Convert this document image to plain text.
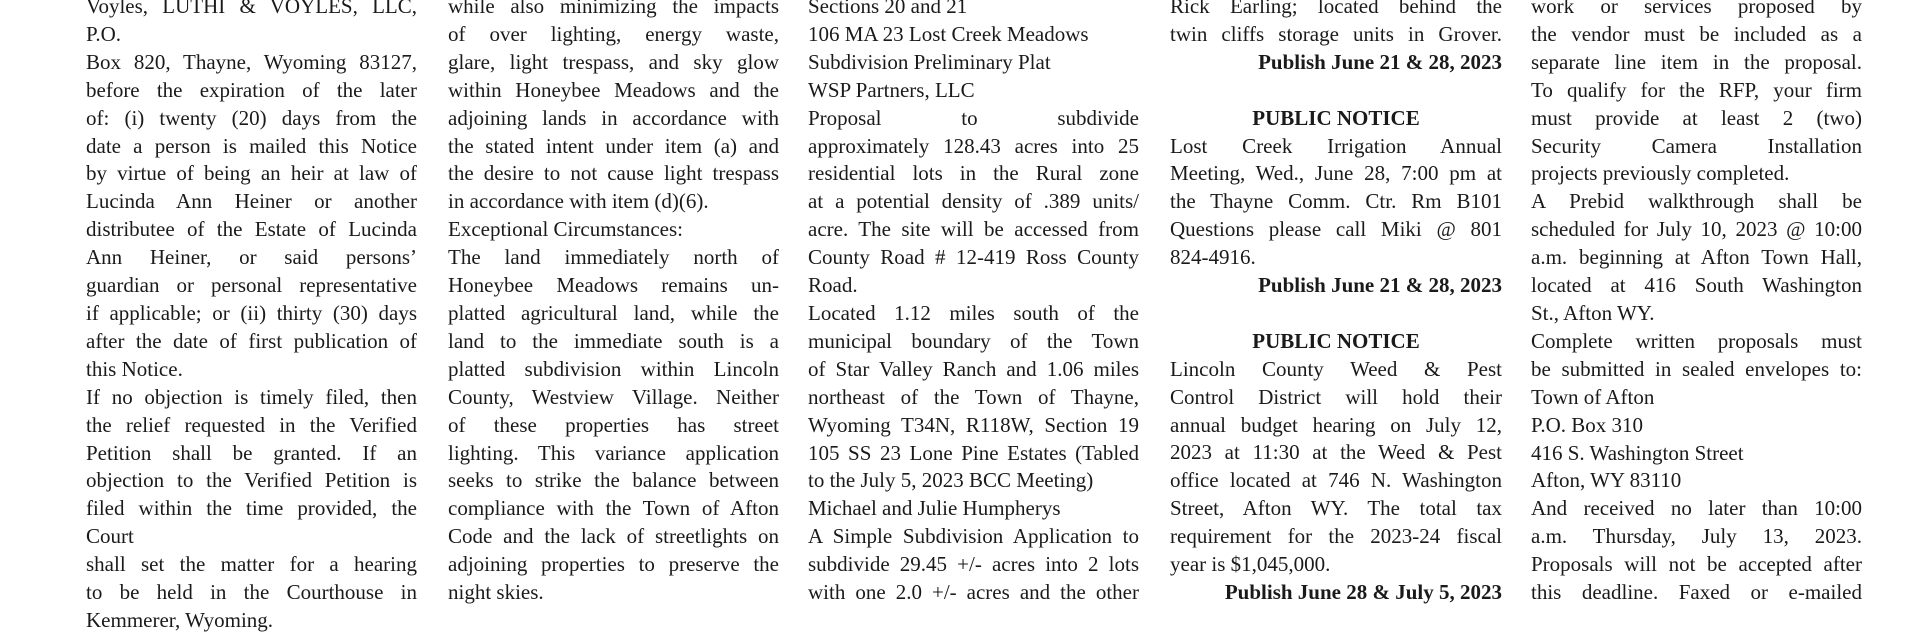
Voyles, LUTHI & VOYLES, LLC, P.O.

Box 820, Thayne, Wyoming 83127,

before the expiration of the later

of: (i) twenty (20) days from the

date a person is mailed this Notice

by virtue of being an heir at law of

Lucinda Ann Heiner or another

distributee of the Estate of Lucinda

Ann Heiner, or said persons’

guardian or personal representative

if applicable; or (ii) thirty (30) days

after the date of first publication of

this Notice.

If no objection is timely filed, then

the relief requested in the Verified

Petition shall be granted. If an

objection to the Verified Petition is

filed within the time provided, the

Court

shall set the matter for a hearing

to be held in the Courthouse in

Kemmerer, Wyoming.

while also minimizing the impacts

of over lighting, energy waste,

glare, light trespass, and sky glow

within Honeybee Meadows and the

adjoining lands in accordance with

the stated intent under item (a) and

the desire to not cause light trespass

in accordance with item (d)(6).

Exceptional Circumstances:

The land immediately north of

Honeybee Meadows remains un-

platted agricultural land, while the

land to the immediate south is a

platted subdivision within Lincoln

County, Westview Village. Neither

of these properties has street

lighting. This variance application

seeks to strike the balance between

compliance with the Town of Afton

Code and the lack of streetlights on

adjoining properties to preserve the

night skies.

Sections 20 and 21

106 MA 23 Lost Creek Meadows

Subdivision Preliminary Plat

WSP Partners, LLC

Proposal to subdivide

approximately 128.43 acres into 25

residential lots in the Rural zone

at a potential density of .389 units/

acre. The site will be accessed from

County Road # 12-419 Ross County

Road.

Located 1.12 miles south of the

municipal boundary of the Town

of Star Valley Ranch and 1.06 miles

northeast of the Town of Thayne,

Wyoming T34N, R118W, Section 19

105 SS 23 Lone Pine Estates (Tabled

to the July 5, 2023 BCC Meeting)

Michael and Julie Humpherys

A Simple Subdivision Application to

subdivide 29.45 +/- acres into 2 lots

with one 2.0 +/- acres and the other

Rick Earling; located behind the

twin cliffs storage units in Grover.

Publish June 21 & 28, 2023

PUBLIC NOTICE

Lost Creek Irrigation Annual

Meeting, Wed., June 28, 7:00 pm at

the Thayne Comm. Ctr. Rm B101

Questions please call Miki @ 801

824-4916.

Publish June 21 & 28, 2023

PUBLIC NOTICE

Lincoln County Weed & Pest

Control District will hold their

annual budget hearing on July 12,

2023 at 11:30 at the Weed & Pest

office located at 746 N. Washington

Street, Afton WY. The total tax

requirement for the 2023-24 fiscal

year is $1,045,000.

Publish June 28 & July 5, 2023

work or services proposed by

the vendor must be included as a

separate line item in the proposal.

To qualify for the RFP, your firm

must provide at least 2 (two)

Security Camera Installation

projects previously completed.

A Prebid walkthrough shall be

scheduled for July 10, 2023 @ 10:00

a.m. beginning at Afton Town Hall,

located at 416 South Washington

St., Afton WY.

Complete written proposals must

be submitted in sealed envelopes to:

Town of Afton

P.O. Box 310

416 S. Washington Street

Afton, WY 83110

And received no later than 10:00

a.m. Thursday, July 13, 2023.

Proposals will not be accepted after

this deadline. Faxed or e-mailed
